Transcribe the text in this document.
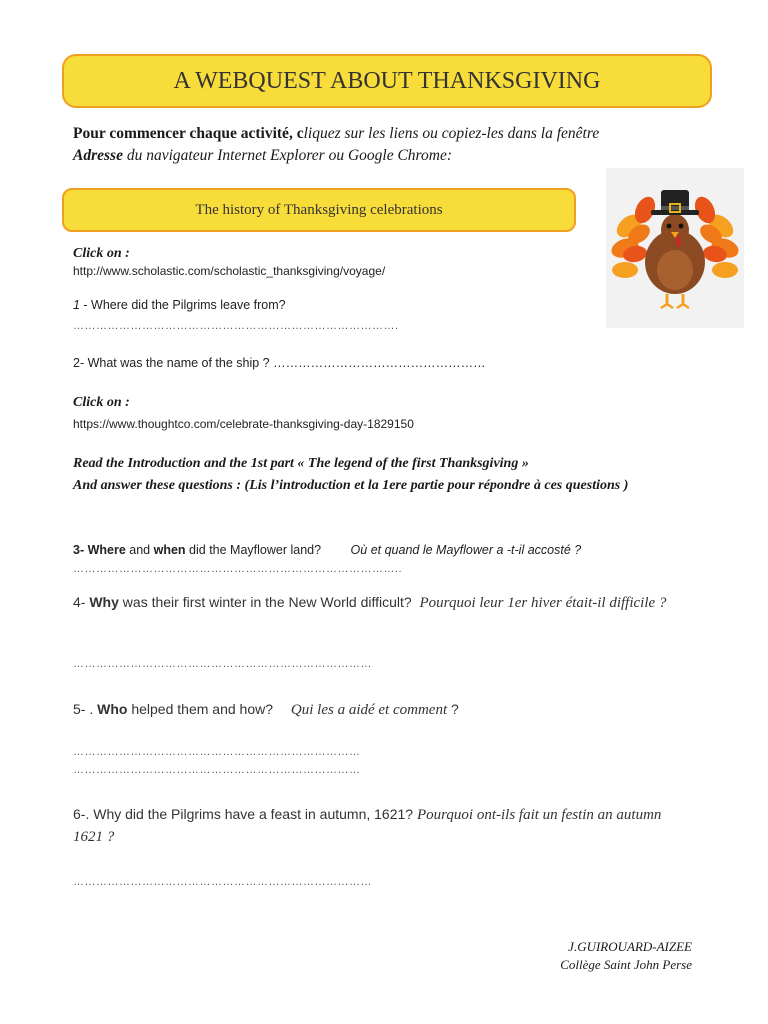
A WEBQUEST ABOUT THANKSGIVING
Pour commencer chaque activité, cliquez sur les liens ou copiez-les dans la fenêtre
Adresse du navigateur Internet Explorer ou Google Chrome:
The history of Thanksgiving celebrations
Click on :
http://www.scholastic.com/scholastic_thanksgiving/voyage/
1 - Where did the Pilgrims leave from?
………………………………………………………………………….
2- What was the name of the ship ? ……………………………………………
Click on :
https://www.thoughtco.com/celebrate-thanksgiving-day-1829150
Read the Introduction and the 1st part « The legend of the first Thanksgiving »
And answer these questions : (Lis l’introduction et la 1ere partie pour répondre à ces questions )
3- Where and when did the Mayflower land? Où et quand le Mayflower a -t-il accosté ?
…………………………………………………………………………..
4- Why was their first winter in the New World difficult? Pourquoi leur 1er hiver était-il difficile ?
……………………………………………………………………
5- . Who helped them and how? Qui les a aidé et comment ?
…………………………………………………………………
…………………………………………………………………
6-. Why did the Pilgrims have a feast in autumn, 1621? Pourquoi ont-ils fait un festin an autumn 1621 ?
……………………………………………………………………
J.GUIROUARD-AIZEE
Collège Saint John Perse
